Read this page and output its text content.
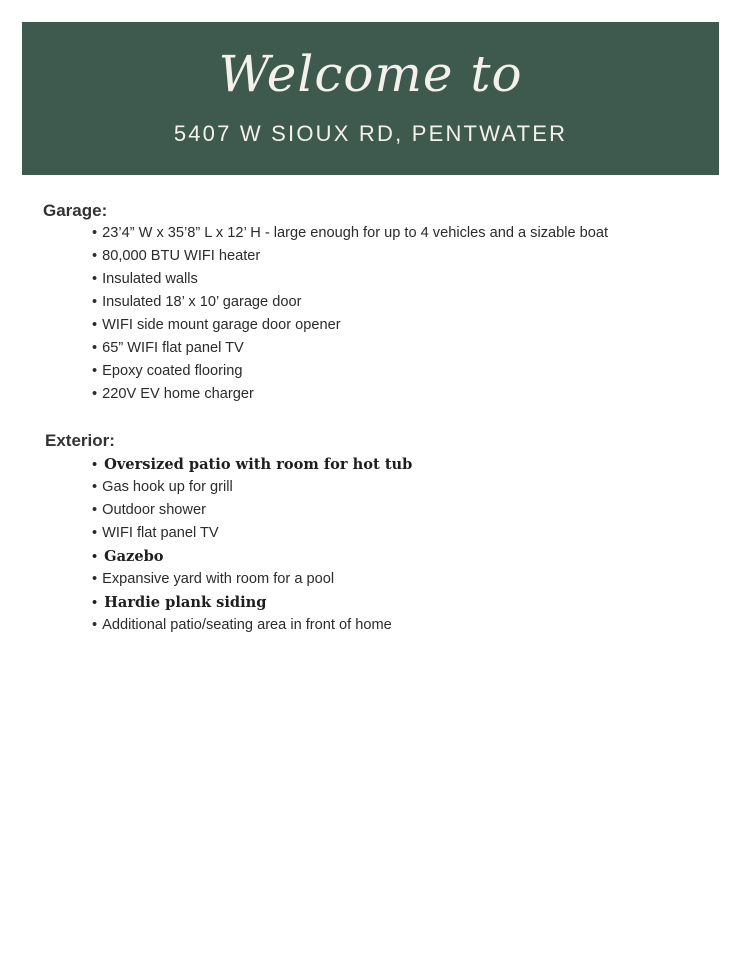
Welcome to
5407 W SIOUX RD, PENTWATER
Garage:
• 23’4” W x 35’8” L x 12’ H - large enough for up to 4 vehicles and a sizable boat
• 80,000 BTU WIFI heater
• Insulated walls
• Insulated 18’ x 10’ garage door
• WIFI side mount garage door opener
• 65” WIFI flat panel TV
• Epoxy coated flooring
• 220V EV home charger
Exterior:
• Oversized patio with room for hot tub
• Gas hook up for grill
• Outdoor shower
• WIFI flat panel TV
• Gazebo
• Expansive yard with room for a pool
• Hardie plank siding
• Additional patio/seating area in front of home
